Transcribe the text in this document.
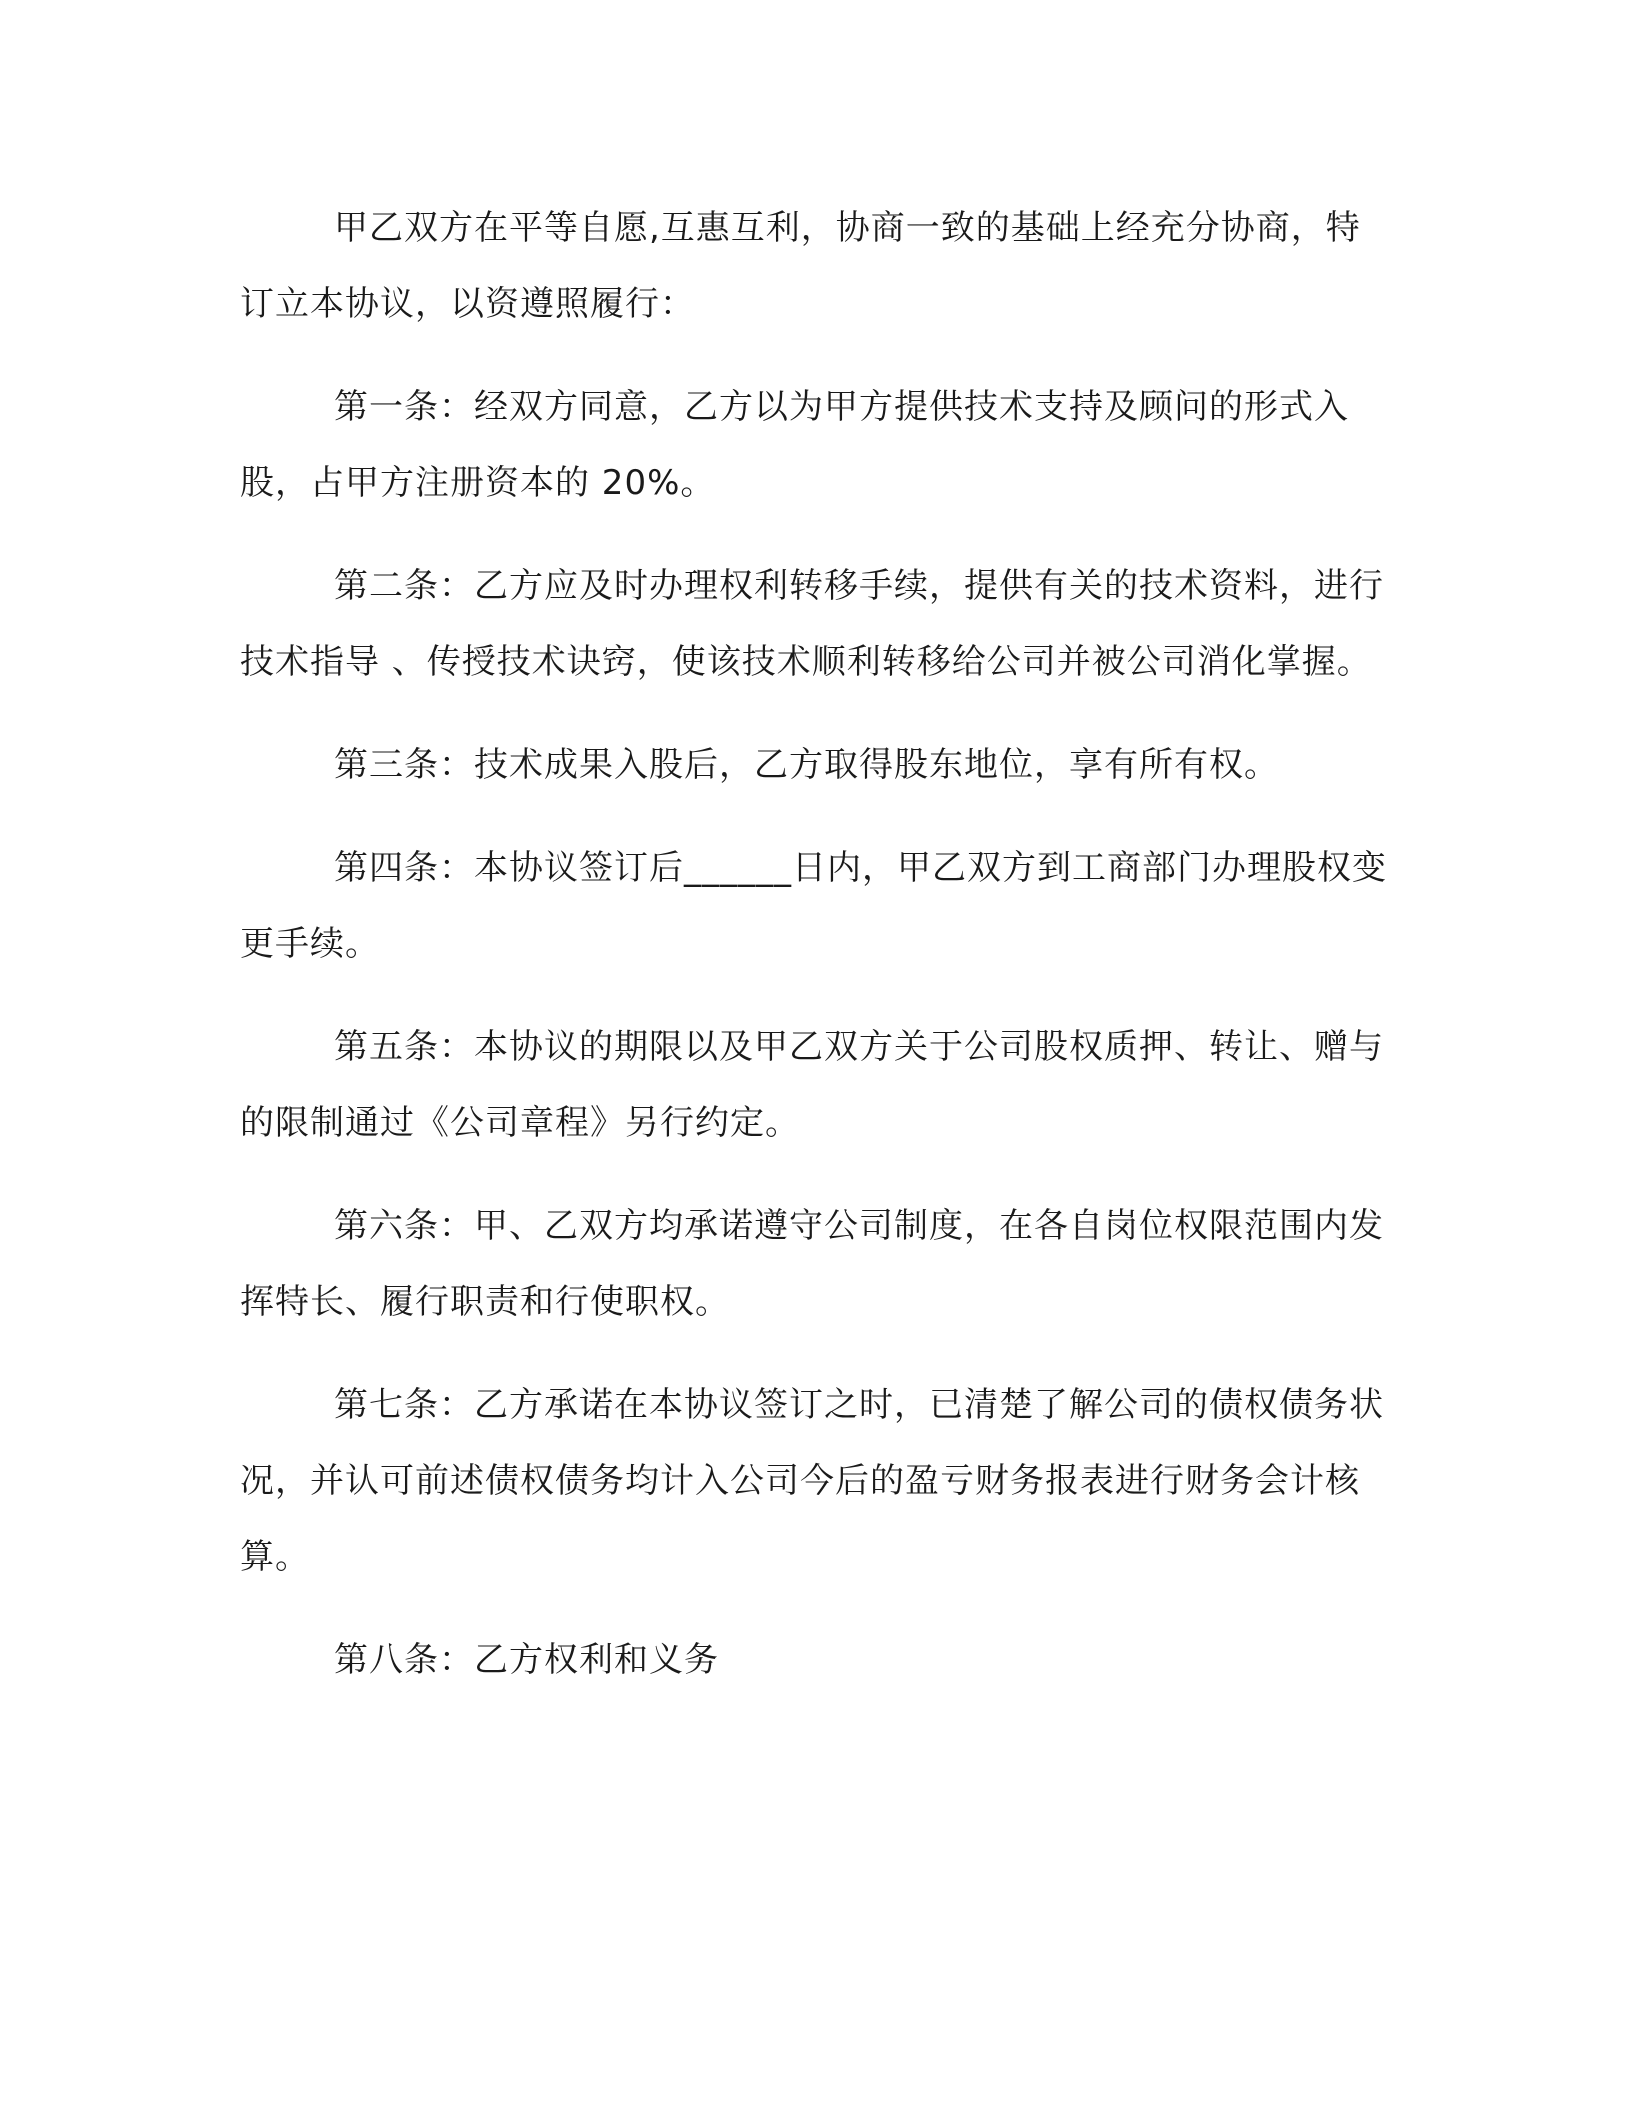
甲乙双方在平等自愿,互惠互利，协商一致的基础上经充分协商，特订立本协议，以资遵照履行：

第一条：经双方同意，乙方以为甲方提供技术支持及顾问的形式入股，占甲方注册资本的 20%。

第二条：乙方应及时办理权利转移手续，提供有关的技术资料，进行技术指导 、传授技术诀窍，使该技术顺利转移给公司并被公司消化掌握。

第三条：技术成果入股后，乙方取得股东地位，享有所有权。

第四条：本协议签订后______日内，甲乙双方到工商部门办理股权变更手续。

第五条：本协议的期限以及甲乙双方关于公司股权质押、转让、赠与的限制通过《公司章程》另行约定。

第六条：甲、乙双方均承诺遵守公司制度，在各自岗位权限范围内发挥特长、履行职责和行使职权。

第七条：乙方承诺在本协议签订之时，已清楚了解公司的债权债务状况，并认可前述债权债务均计入公司今后的盈亏财务报表进行财务会计核算。

第八条：乙方权利和义务
